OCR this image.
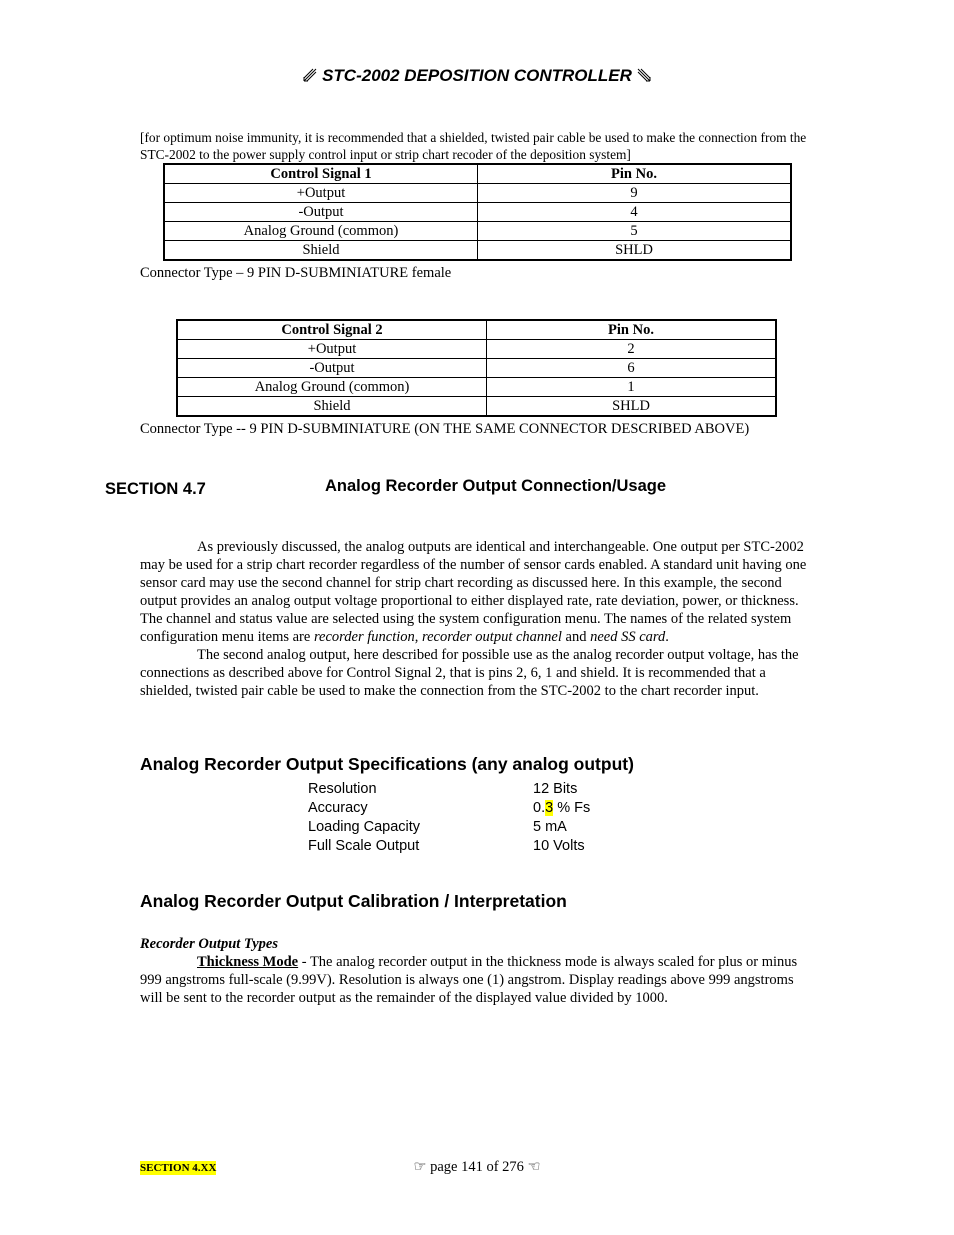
STC-2002 DEPOSITION CONTROLLER
[for optimum noise immunity, it is recommended that a shielded, twisted pair cable be used to make the connection from the STC-2002 to the power supply control input or strip chart recoder of the deposition system]
Control Signal 1	Pin No.
+Output	9
-Output	4
Analog Ground (common)	5
Shield	SHLD
Connector Type – 9 PIN D-SUBMINIATURE female
Control Signal 2	Pin No.
+Output	2
-Output	6
Analog Ground (common)	1
Shield	SHLD
Connector Type -- 9 PIN D-SUBMINIATURE (ON THE SAME CONNECTOR DESCRIBED ABOVE)
SECTION 4.7	Analog Recorder Output Connection/Usage

As previously discussed, the analog outputs are identical and interchangeable. One output per STC-2002 may be used for a strip chart recorder regardless of the number of sensor cards enabled. A standard unit having one sensor card may use the second channel for strip chart recording as discussed here. In this example, the second output provides an analog output voltage proportional to either displayed rate, rate deviation, power, or thickness. The channel and status value are selected using the system configuration menu. The names of the related system configuration menu items are recorder function, recorder output channel and need SS card.

The second analog output, here described for possible use as the analog recorder output voltage, has the connections as described above for Control Signal 2, that is pins 2, 6, 1 and shield. It is recommended that a shielded, twisted pair cable be used to make the connection from the STC-2002 to the chart recorder input.

Analog Recorder Output Specifications (any analog output)
Resolution	12 Bits
Accuracy	0.3 % Fs
Loading Capacity	5 mA
Full Scale Output	10 Volts
Analog Recorder Output Calibration / Interpretation
Recorder Output Types
Thickness Mode - The analog recorder output in the thickness mode is always scaled for plus or minus 999 angstroms full-scale (9.99V). Resolution is always one (1) angstrom. Display readings above 999 angstroms will be sent to the recorder output as the remainder of the displayed value divided by 1000.
SECTION 4.XX	☞ page 141 of 276 ☜
